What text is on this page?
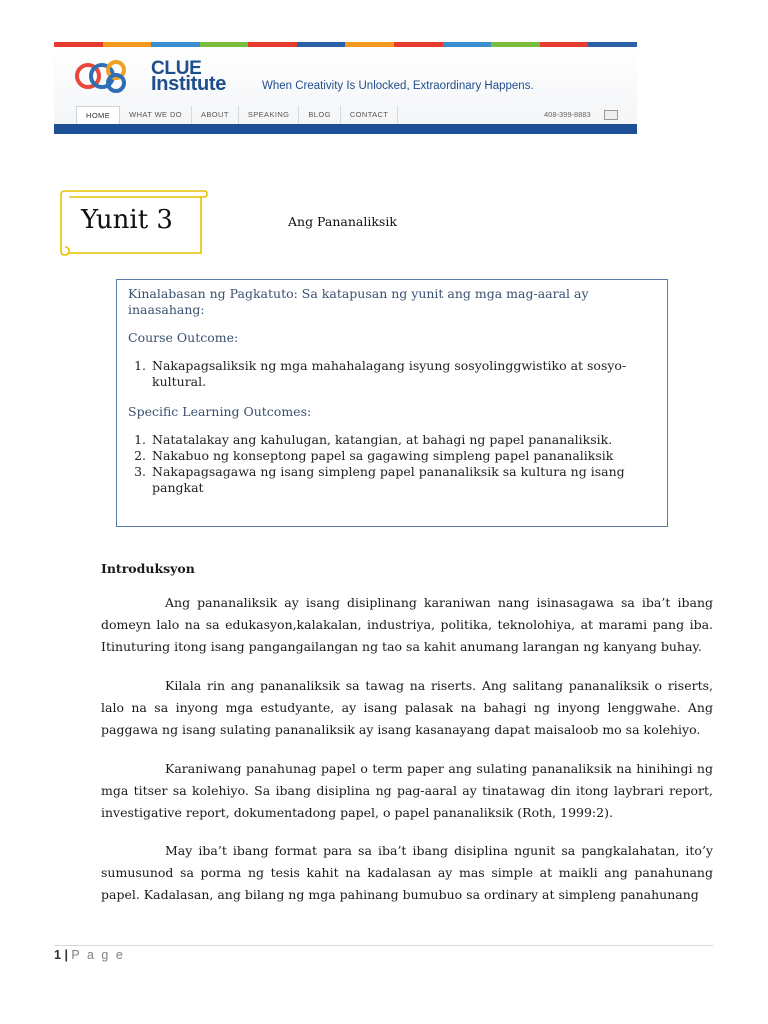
CLUE
Institute	When Creativity Is Unlocked, Extraordinary Happens.
HOME	WHAT WE DO	ABOUT	SPEAKING	BLOG	CONTACT	408-399-8883
Yunit 3	Ang Pananaliksik

Kinalabasan ng Pagkatuto: Sa katapusan ng yunit ang mga mag-aaral ay inaasahang:

Course Outcome:

1. Nakapagsaliksik ng mga mahahalagang isyung sosyolinggwistiko at sosyo-kultural.

Specific Learning Outcomes:

1. Natatalakay ang kahulugan, katangian, at bahagi ng papel pananaliksik.
2. Nakabuo ng konseptong papel sa gagawing simpleng papel pananaliksik
3. Nakapagsagawa ng isang simpleng papel pananaliksik sa kultura ng isang pangkat
Introduksyon

Ang pananaliksik ay isang disiplinang karaniwan nang isinasagawa sa iba’t ibang domeyn lalo na sa edukasyon,kalakalan, industriya, politika, teknolohiya, at marami pang iba. Itinuturing itong isang pangangailangan ng tao sa kahit anumang larangan ng kanyang buhay.

Kilala rin ang pananaliksik sa tawag na riserts. Ang salitang pananaliksik o riserts, lalo na sa inyong mga estudyante, ay isang palasak na bahagi ng inyong lenggwahe. Ang paggawa ng isang sulating pananaliksik ay isang kasanayang dapat maisaloob mo sa kolehiyo.

Karaniwang panahunag papel o term paper ang sulating pananaliksik na hinihingi ng mga titser sa kolehiyo. Sa ibang disiplina ng pag-aaral ay tinatawag din itong laybrari report, investigative report, dokumentadong papel, o papel pananaliksik (Roth, 1999:2).

May iba’t ibang format para sa iba’t ibang disiplina ngunit sa pangkalahatan, ito’y sumusunod sa porma ng tesis kahit na kadalasan ay mas simple at maikli ang panahunang papel. Kadalasan, ang bilang ng mga pahinang bumubuo sa ordinary at simpleng panahunang

1 | P a g e
